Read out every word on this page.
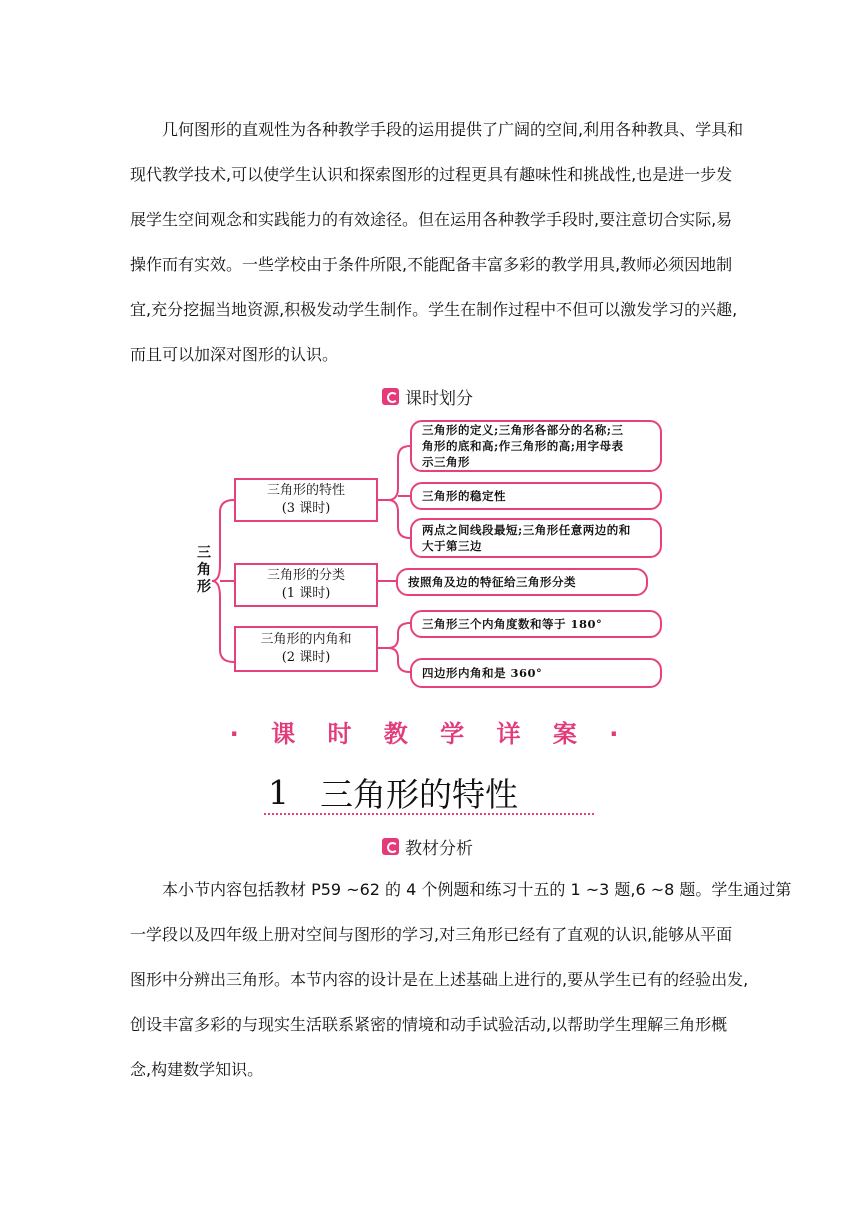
几何图形的直观性为各种教学手段的运用提供了广阔的空间,利用各种教具、学具和
现代教学技术,可以使学生认识和探索图形的过程更具有趣味性和挑战性,也是进一步发
展学生空间观念和实践能力的有效途径。但在运用各种教学手段时,要注意切合实际,易
操作而有实效。一些学校由于条件所限,不能配备丰富多彩的教学用具,教师必须因地制
宜,充分挖掘当地资源,积极发动学生制作。学生在制作过程中不但可以激发学习的兴趣,
而且可以加深对图形的认识。
课时划分
三角形
三角形的特性
(3 课时)
三角形的分类
(1 课时)
三角形的内角和
(2 课时)
三角形的定义;三角形各部分的名称;三
角形的底和高;作三角形的高;用字母表
示三角形
三角形的稳定性
两点之间线段最短;三角形任意两边的和
大于第三边
按照角及边的特征给三角形分类
三角形三个内角度数和等于 180°
四边形内角和是 360°
· 课 时 教 学 详 案 ·
1 三角形的特性
教材分析
本小节内容包括教材 P59 ~62 的 4 个例题和练习十五的 1 ~3 题,6 ~8 题。学生通过第
一学段以及四年级上册对空间与图形的学习,对三角形已经有了直观的认识,能够从平面
图形中分辨出三角形。本节内容的设计是在上述基础上进行的,要从学生已有的经验出发,
创设丰富多彩的与现实生活联系紧密的情境和动手试验活动,以帮助学生理解三角形概
念,构建数学知识。
